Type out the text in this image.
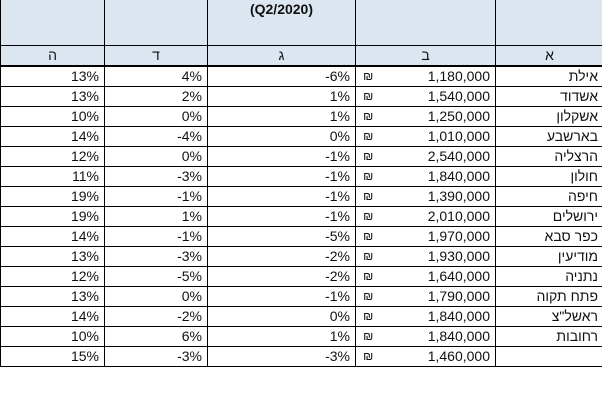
		(Q2/2020)			
ה	ד	ג	ב		א
13%	4%	-6%	₪	1,180,000	אילת
13%	2%	1%	₪	1,540,000	אשדוד
10%	0%	1%	₪	1,250,000	אשקלון
14%	-4%	0%	₪	1,010,000	בארשבע
12%	0%	-1%	₪	2,540,000	הרצליה
11%	-3%	-1%	₪	1,840,000	חולון
19%	-1%	-1%	₪	1,390,000	חיפה
19%	1%	-1%	₪	2,010,000	ירושלים
14%	-1%	-5%	₪	1,970,000	כפר סבא
13%	-3%	-2%	₪	1,930,000	מודיעין
12%	-5%	-2%	₪	1,640,000	נתניה
13%	0%	-1%	₪	1,790,000	פתח תקוה
14%	-2%	0%	₪	1,840,000	ראשל"צ
10%	6%	1%	₪	1,840,000	רחובות
15%	-3%	-3%	₪	1,460,000	
